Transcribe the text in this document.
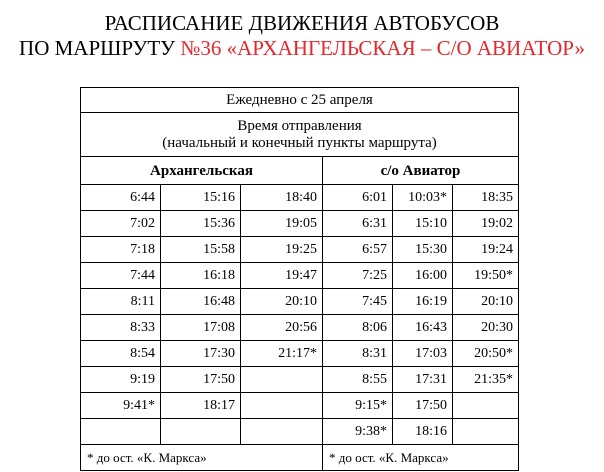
РАСПИСАНИЕ ДВИЖЕНИЯ АВТОБУСОВ
ПО МАРШРУТУ №36 «АРХАНГЕЛЬСКАЯ – С/О АВИАТОР»
Ежедневно с 25 апреля					

Время отправления
(начальный и конечный пункты маршрута)					

Архангельская			с/о Авиатор		
6:44	15:16	18:40	6:01	10:03*	18:35
7:02	15:36	19:05	6:31	15:10	19:02
7:18	15:58	19:25	6:57	15:30	19:24
7:44	16:18	19:47	7:25	16:00	19:50*
8:11	16:48	20:10	7:45	16:19	20:10
8:33	17:08	20:56	8:06	16:43	20:30
8:54	17:30	21:17*	8:31	17:03	20:50*
9:19	17:50		8:55	17:31	21:35*
9:41*	18:17		9:15*	17:50	
			9:38*	18:16	
* до ост. «К. Маркса»			* до ост. «К. Маркса»		
